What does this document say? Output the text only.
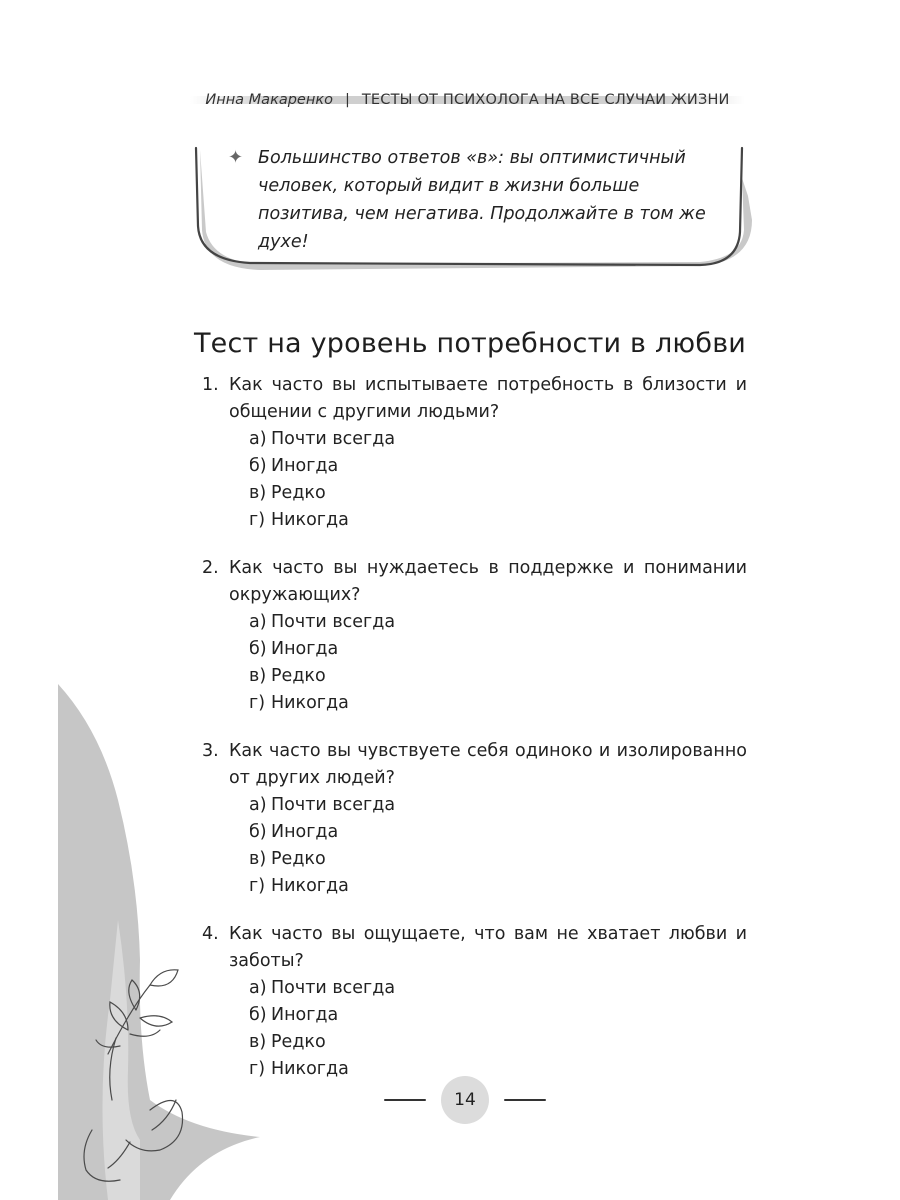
Инна Макаренко | ТЕСТЫ ОТ ПСИХОЛОГА НА ВСЕ СЛУЧАИ ЖИЗНИ
✦ Большинство ответов «в»: вы оптимистичный человек, который видит в жизни больше позитива, чем негатива. Продолжайте в том же духе!
Тест на уровень потребности в любви
1. Как часто вы испытываете потребность в близости и общении с другими людьми?
а) Почти всегда
б) Иногда
в) Редко
г) Никогда
2. Как часто вы нуждаетесь в поддержке и понимании окружающих?
а) Почти всегда
б) Иногда
в) Редко
г) Никогда
3. Как часто вы чувствуете себя одиноко и изолированно от других людей?
а) Почти всегда
б) Иногда
в) Редко
г) Никогда
4. Как часто вы ощущаете, что вам не хватает любви и заботы?
а) Почти всегда
б) Иногда
в) Редко
г) Никогда
14
